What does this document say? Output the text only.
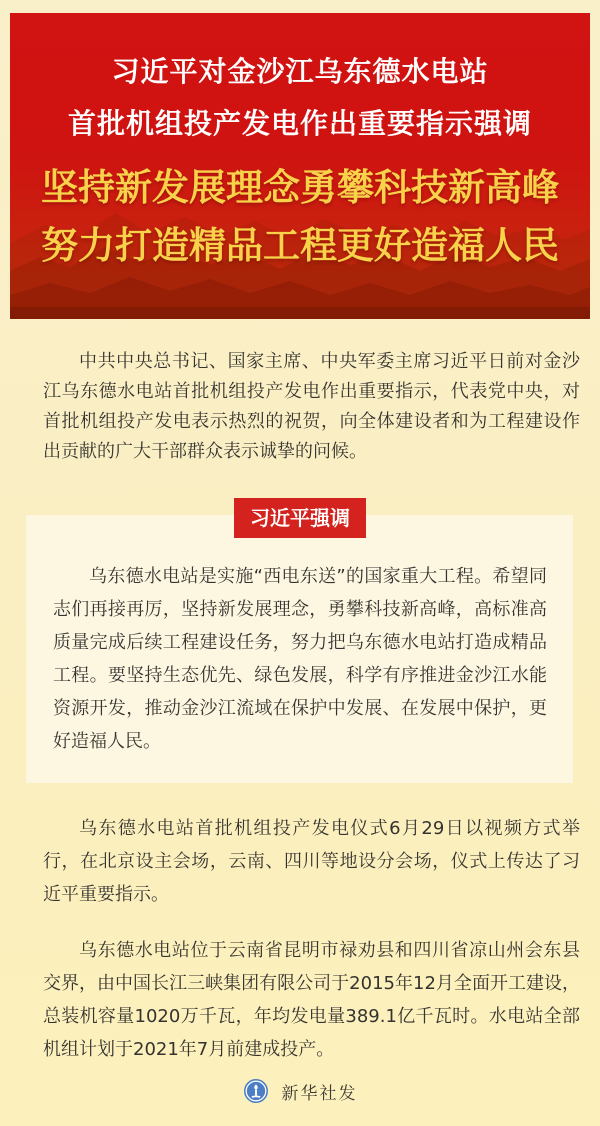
习近平对金沙江乌东德水电站
首批机组投产发电作出重要指示强调
坚持新发展理念勇攀科技新高峰
努力打造精品工程更好造福人民

中共中央总书记、国家主席、中央军委主席习近平日前对金沙江乌东德水电站首批机组投产发电作出重要指示，代表党中央，对首批机组投产发电表示热烈的祝贺，向全体建设者和为工程建设作出贡献的广大干部群众表示诚挚的问候。

习近平强调

乌东德水电站是实施“西电东送”的国家重大工程。希望同志们再接再厉，坚持新发展理念，勇攀科技新高峰，高标准高质量完成后续工程建设任务，努力把乌东德水电站打造成精品工程。要坚持生态优先、绿色发展，科学有序推进金沙江水能资源开发，推动金沙江流域在保护中发展、在发展中保护，更好造福人民。

乌东德水电站首批机组投产发电仪式6月29日以视频方式举行，在北京设主会场，云南、四川等地设分会场，仪式上传达了习近平重要指示。

乌东德水电站位于云南省昆明市禄劝县和四川省凉山州会东县交界，由中国长江三峡集团有限公司于2015年12月全面开工建设，总装机容量1020万千瓦，年均发电量389.1亿千瓦时。水电站全部机组计划于2021年7月前建成投产。

新华社发
